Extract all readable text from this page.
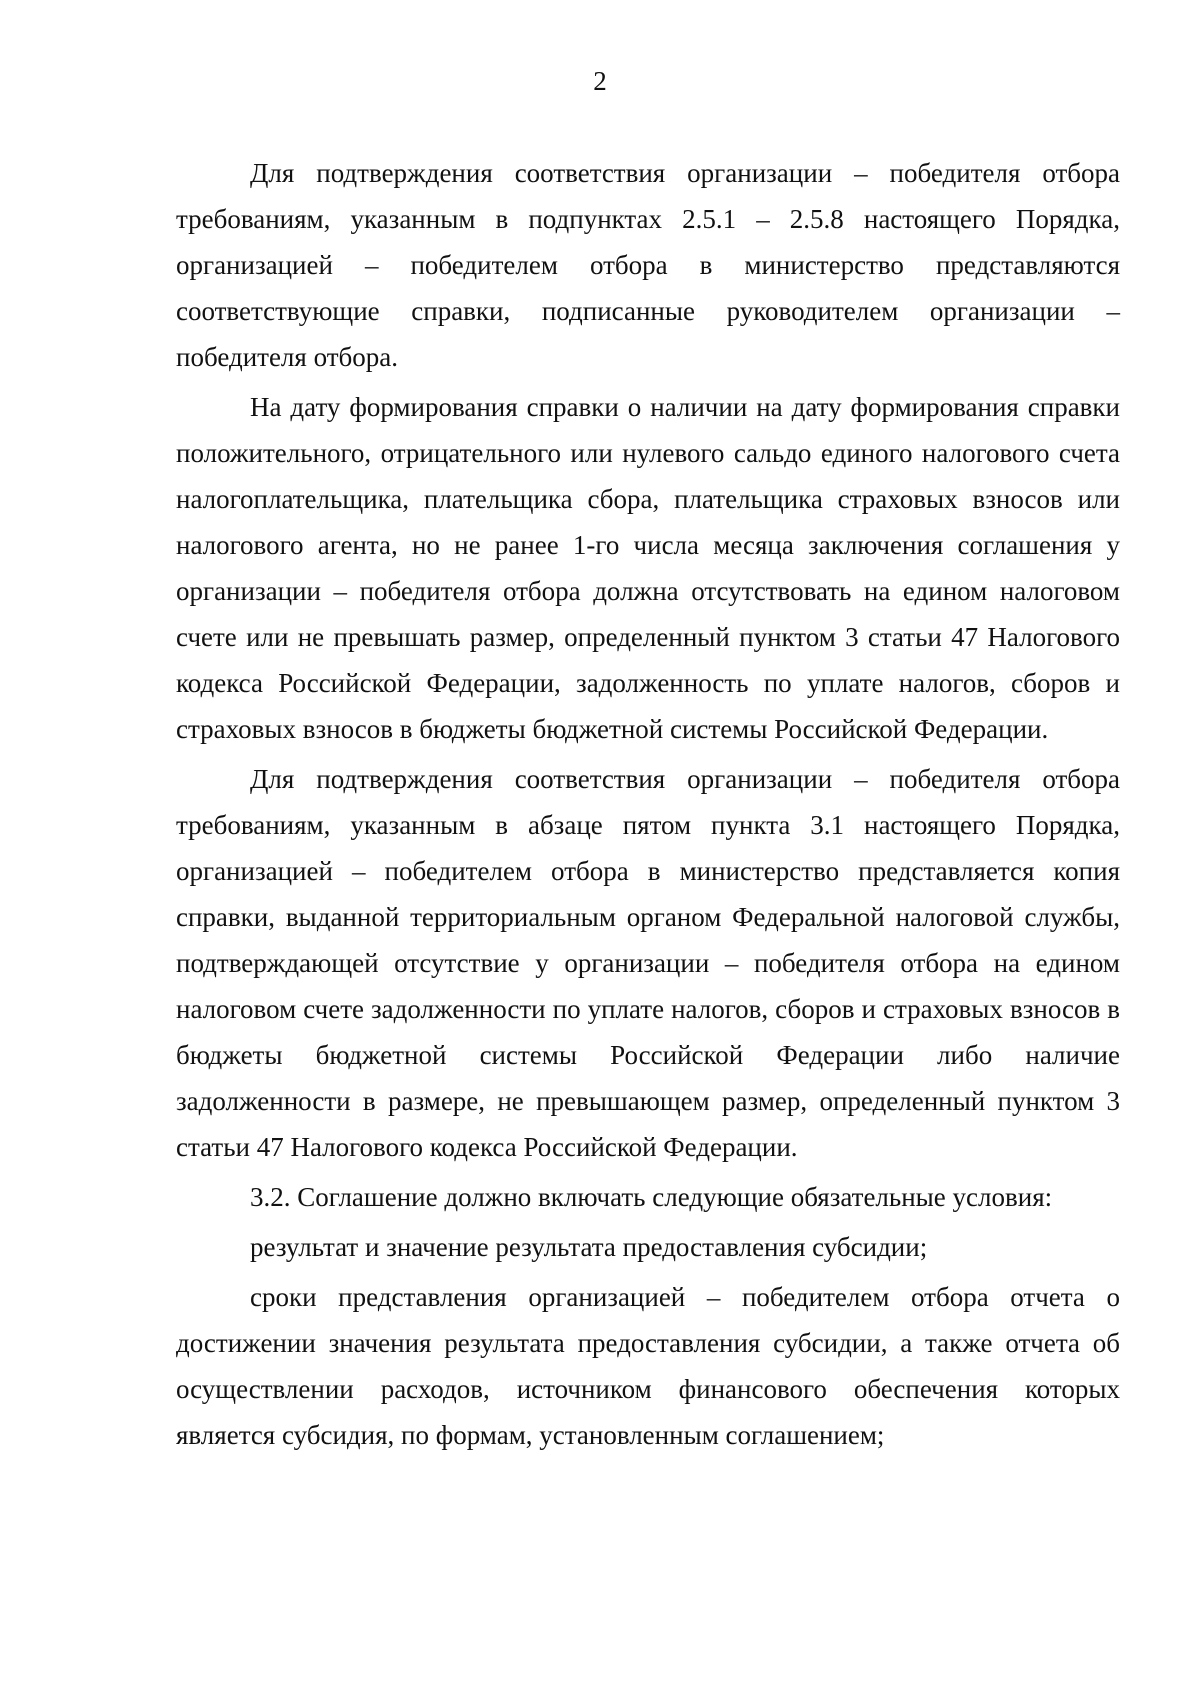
2

Для подтверждения соответствия организации – победителя отбора требованиям, указанным в подпунктах 2.5.1 – 2.5.8 настоящего Порядка, организацией – победителем отбора в министерство представляются соответствующие справки, подписанные руководителем организации – победителя отбора.

На дату формирования справки о наличии на дату формирования справки положительного, отрицательного или нулевого сальдо единого налогового счета налогоплательщика, плательщика сбора, плательщика страховых взносов или налогового агента, но не ранее 1-го числа месяца заключения соглашения у организации – победителя отбора должна отсутствовать на едином налоговом счете или не превышать размер, определенный пунктом 3 статьи 47 Налогового кодекса Российской Федерации, задолженность по уплате налогов, сборов и страховых взносов в бюджеты бюджетной системы Российской Федерации.

Для подтверждения соответствия организации – победителя отбора требованиям, указанным в абзаце пятом пункта 3.1 настоящего Порядка, организацией – победителем отбора в министерство представляется копия справки, выданной территориальным органом Федеральной налоговой службы, подтверждающей отсутствие у организации – победителя отбора на едином налоговом счете задолженности по уплате налогов, сборов и страховых взносов в бюджеты бюджетной системы Российской Федерации либо наличие задолженности в размере, не превышающем размер, определенный пунктом 3 статьи 47 Налогового кодекса Российской Федерации.

3.2. Соглашение должно включать следующие обязательные условия:

результат и значение результата предоставления субсидии;

сроки представления организацией – победителем отбора отчета о достижении значения результата предоставления субсидии, а также отчета об осуществлении расходов, источником финансового обеспечения которых является субсидия, по формам, установленным соглашением;
